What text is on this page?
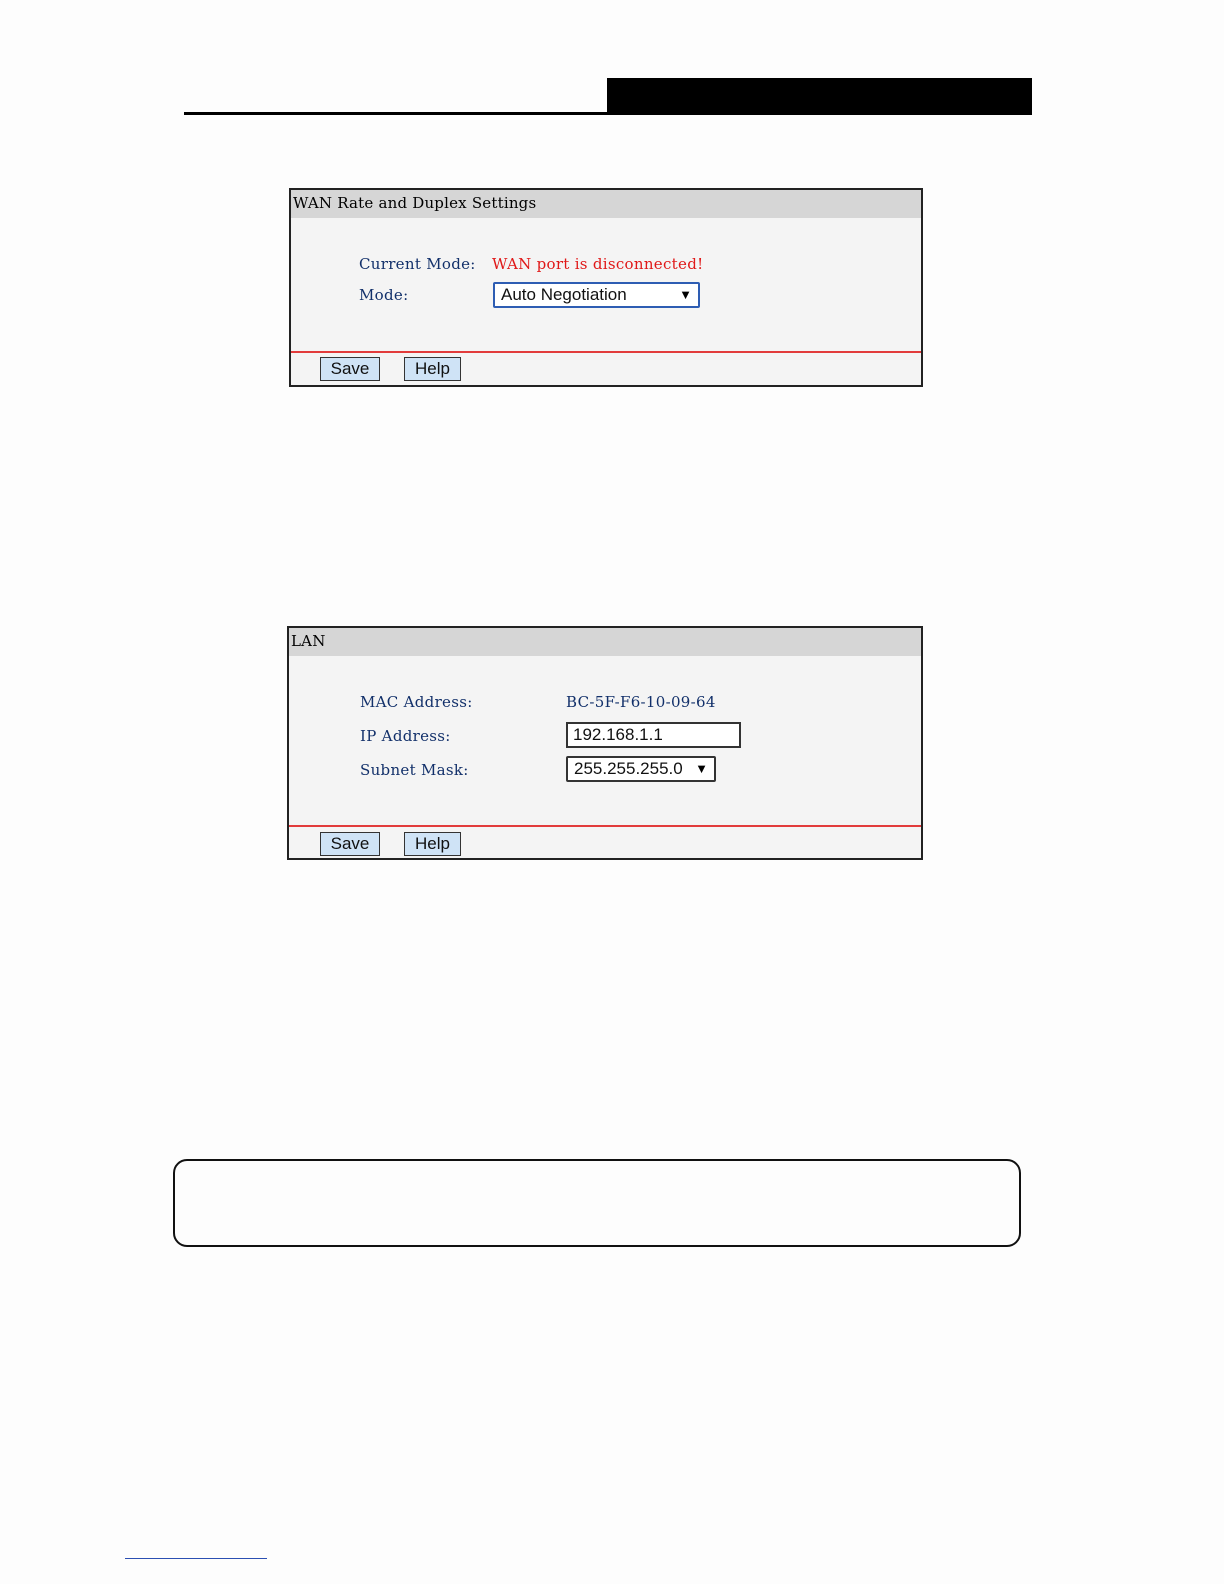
WAN Rate and Duplex Settings
Current Mode: WAN port is disconnected!
Mode:	Auto Negotiation	▼
Save	Help
LAN
MAC Address:	BC-5F-F6-10-09-64
IP Address:	192.168.1.1
Subnet Mask:	255.255.255.0 ▼
Save	Help
